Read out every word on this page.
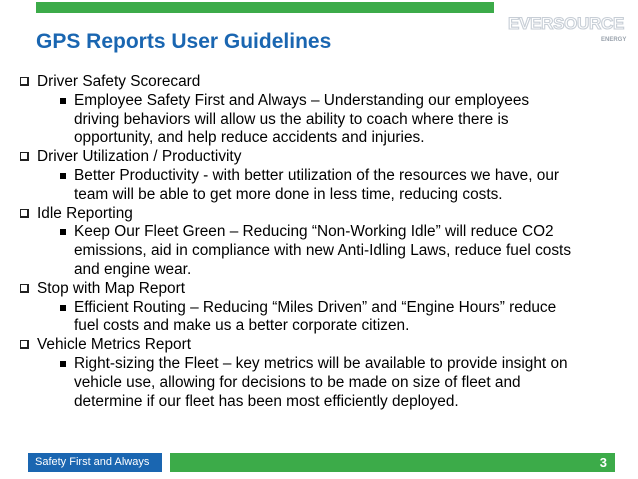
GPS Reports User Guidelines
EVERSOURCE
ENERGY
Driver Safety Scorecard
Employee Safety First and Always – Understanding our employees
driving behaviors will allow us the ability to coach where there is
opportunity, and help reduce accidents and injuries.
Driver Utilization / Productivity
Better Productivity - with better utilization of the resources we have, our
team will be able to get more done in less time, reducing costs.
Idle Reporting
Keep Our Fleet Green – Reducing “Non-Working Idle” will reduce CO2
emissions, aid in compliance with new Anti-Idling Laws, reduce fuel costs
and engine wear.
Stop with Map Report
Efficient Routing – Reducing “Miles Driven” and “Engine Hours” reduce
fuel costs and make us a better corporate citizen.
Vehicle Metrics Report
Right-sizing the Fleet – key metrics will be available to provide insight on
vehicle use, allowing for decisions to be made on size of fleet and
determine if our fleet has been most efficiently deployed.
Safety First and Always	3
